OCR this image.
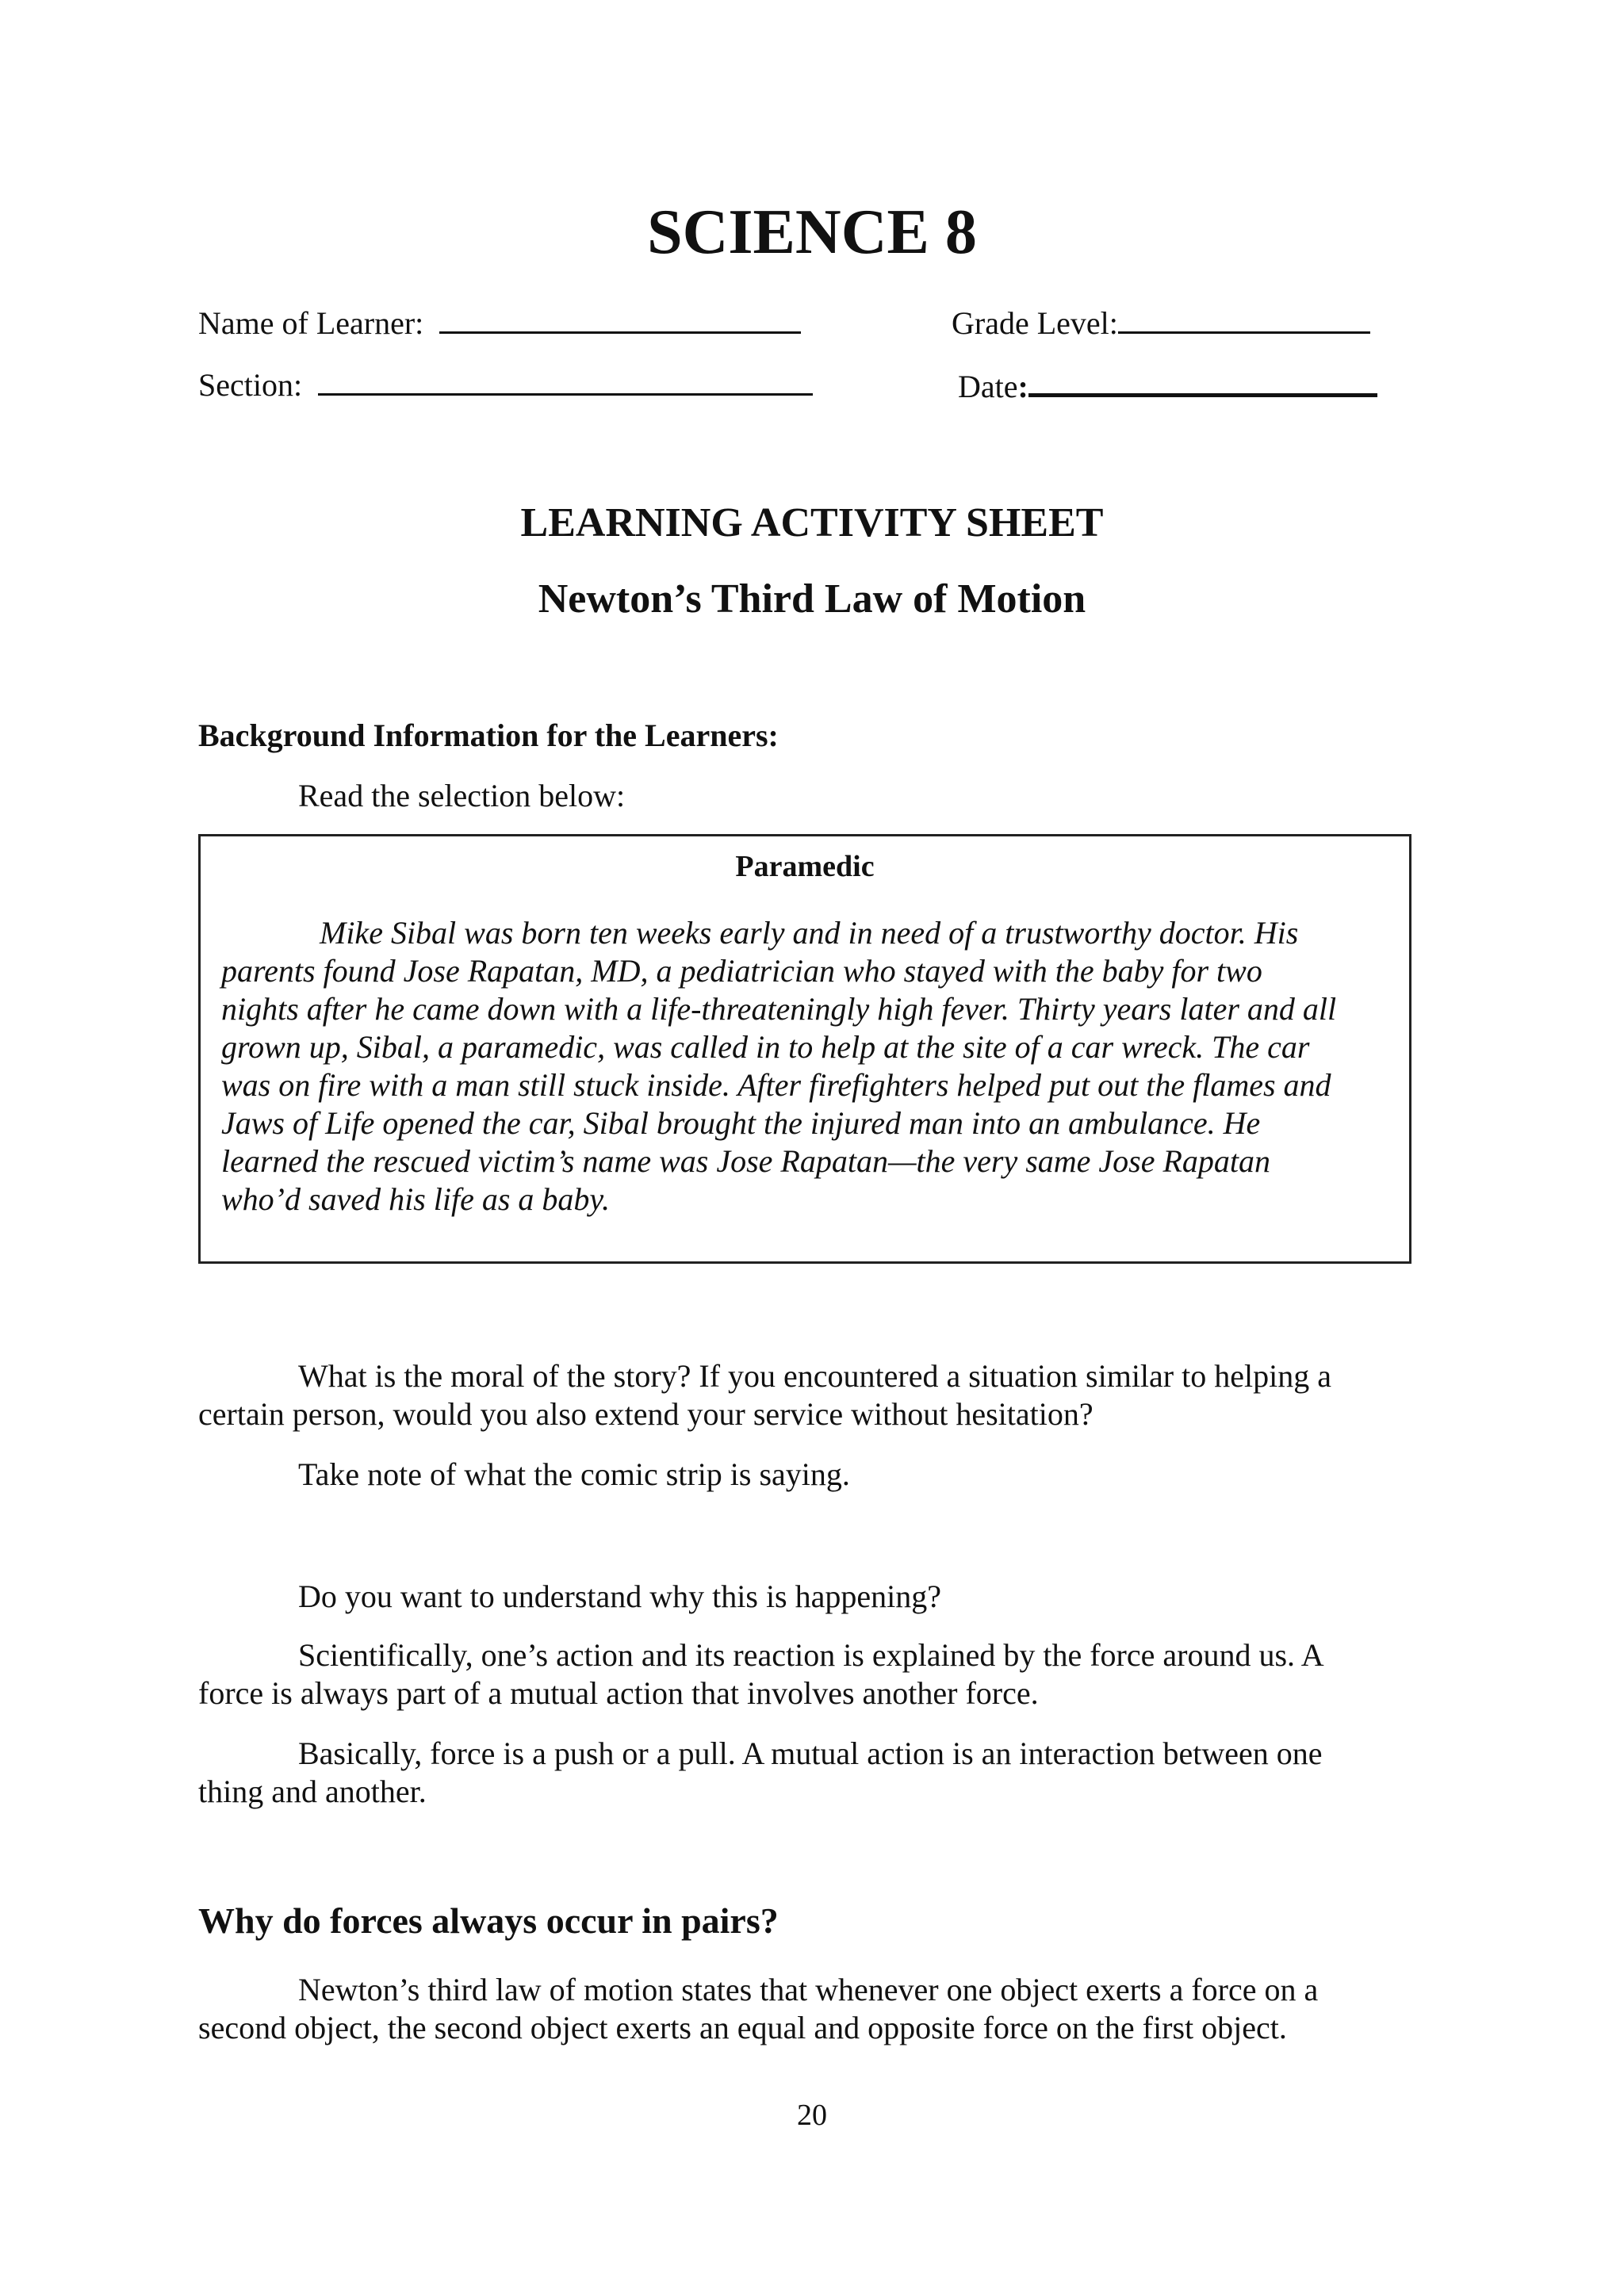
SCIENCE 8
Name of Learner:	Grade Level:
Section:	Date:
LEARNING ACTIVITY SHEET
Newton’s Third Law of Motion
Background Information for the Learners:
Read the selection below:
Paramedic
Mike Sibal was born ten weeks early and in need of a trustworthy doctor. His
parents found Jose Rapatan, MD, a pediatrician who stayed with the baby for two
nights after he came down with a life-threateningly high fever. Thirty years later and all
grown up, Sibal, a paramedic, was called in to help at the site of a car wreck. The car
was on fire with a man still stuck inside. After firefighters helped put out the flames and
Jaws of Life opened the car, Sibal brought the injured man into an ambulance. He
learned the rescued victim’s name was Jose Rapatan—the very same Jose Rapatan
who’d saved his life as a baby.
What is the moral of the story? If you encountered a situation similar to helping a
certain person, would you also extend your service without hesitation?
Take note of what the comic strip is saying.
Do you want to understand why this is happening?
Scientifically, one’s action and its reaction is explained by the force around us. A
force is always part of a mutual action that involves another force.
Basically, force is a push or a pull. A mutual action is an interaction between one
thing and another.
Why do forces always occur in pairs?
Newton’s third law of motion states that whenever one object exerts a force on a
second object, the second object exerts an equal and opposite force on the first object.
20
